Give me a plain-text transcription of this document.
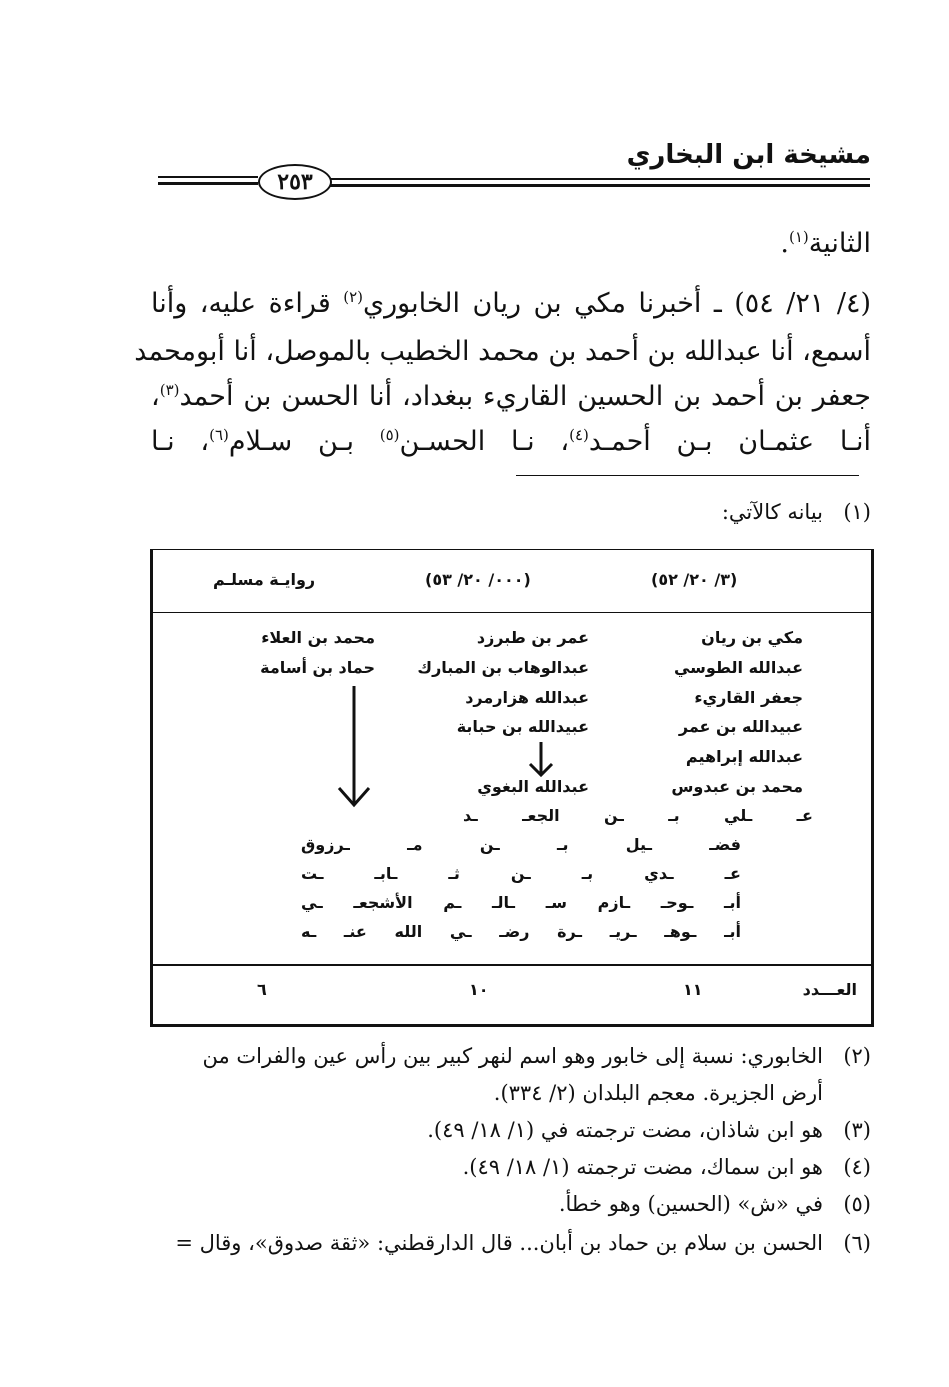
مشيخة ابن البخاري
٢٥٣
الثانية$^{(١)}$.
(٤/ ٢١/ ٥٤) ـ أخبرنا مكي بن ريان الخابوري$^{(٢)}$ قراءة عليه، وأنا
أسمع، أنا عبدالله بن أحمد بن محمد الخطيب بالموصل، أنا أبومحمد
جعفر بن أحمد بن الحسين القاريء ببغداد، أنا الحسن بن أحمد$^{(٣)}$،
أنـا عثمـان بـن أحمـد$^{(٤)}$، نـا الحسـن$^{(٥)}$ بـن سـلام$^{(٦)}$، نـا
(١)بيانه كالآتي:
(٣/ ٢٠/ ٥٢)
(٠٠٠/ ٢٠/ ٥٣)
روايـة مسلـم
مكي بن ريان
عبدالله الطوسي
جعفر القاريء
عبيدالله بن عمر
عبدالله إبراهيم
محمد بن عبدوس
عمر بن طبرزد
عبدالوهاب بن المبارك
عبدالله هزارمرد
عبيدالله بن حبابة
عبدالله البغوي
محمد بن العلاء
حماد بن أسامة
عـ ـلي بـ ـن الجعـ ـد
فضـ ـيل بـ ـن مـ ـرزوق
عـ ـدي بـ ـن ثـ ـابـ ـت
أبـ ـوحـ ـازم سـ ـالـ ـم الأشجعـ ـي
أبـ ـوهـ ـريـ ـرة رضـ ـي الله عنـ ـه
العـــدد
١١
١٠
٦
(٢)الخابوري: نسبة إلى خابور وهو اسم لنهر كبير بين رأس عين والفرات من
أرض الجزيرة. معجم البلدان (٢/ ٣٣٤).
(٣)هو ابن شاذان، مضت ترجمته في (١/ ١٨/ ٤٩).
(٤)هو ابن سماك، مضت ترجمته (١/ ١٨/ ٤٩).
(٥)في «ش» (الحسين) وهو خطأ.
(٦)الحسن بن سلام بن حماد بن أبان... قال الدارقطني: «ثقة صدوق»، وقال =
